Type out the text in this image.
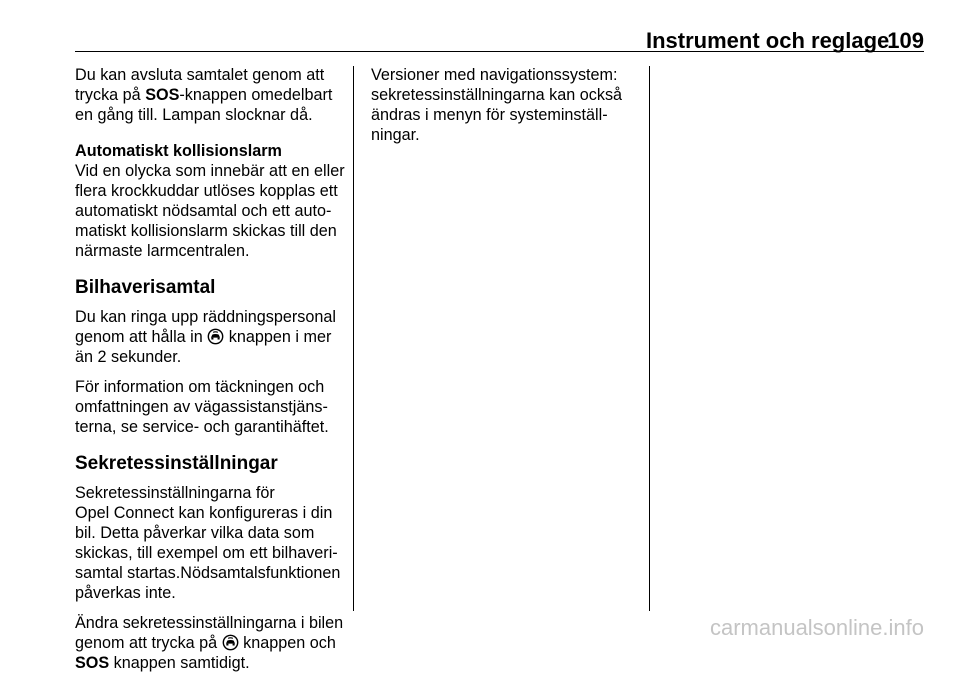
Instrument och reglage
109

Du kan avsluta samtalet genom att
trycka på SOS-knappen omedelbart
en gång till. Lampan slocknar då.

Automatiskt kollisionslarm
Vid en olycka som innebär att en eller
flera krockkuddar utlöses kopplas ett
automatiskt nödsamtal och ett auto-
matiskt kollisionslarm skickas till den
närmaste larmcentralen.

Bilhaverisamtal

Du kan ringa upp räddningspersonal
genom att hålla in  knappen i mer
än 2 sekunder.

För information om täckningen och
omfattningen av vägassistanstjäns-
terna, se service- och garantihäftet.

Sekretessinställningar

Sekretessinställningarna för
Opel Connect kan konfigureras i din
bil. Detta påverkar vilka data som
skickas, till exempel om ett bilhaveri-
samtal startas.Nödsamtalsfunktionen
påverkas inte.

Ändra sekretessinställningarna i bilen
genom att trycka på  knappen och
SOS knappen samtidigt.

Versioner med navigationssystem:
sekretessinställningarna kan också
ändras i menyn för systeminställ-
ningar.

carmanualsonline.info
